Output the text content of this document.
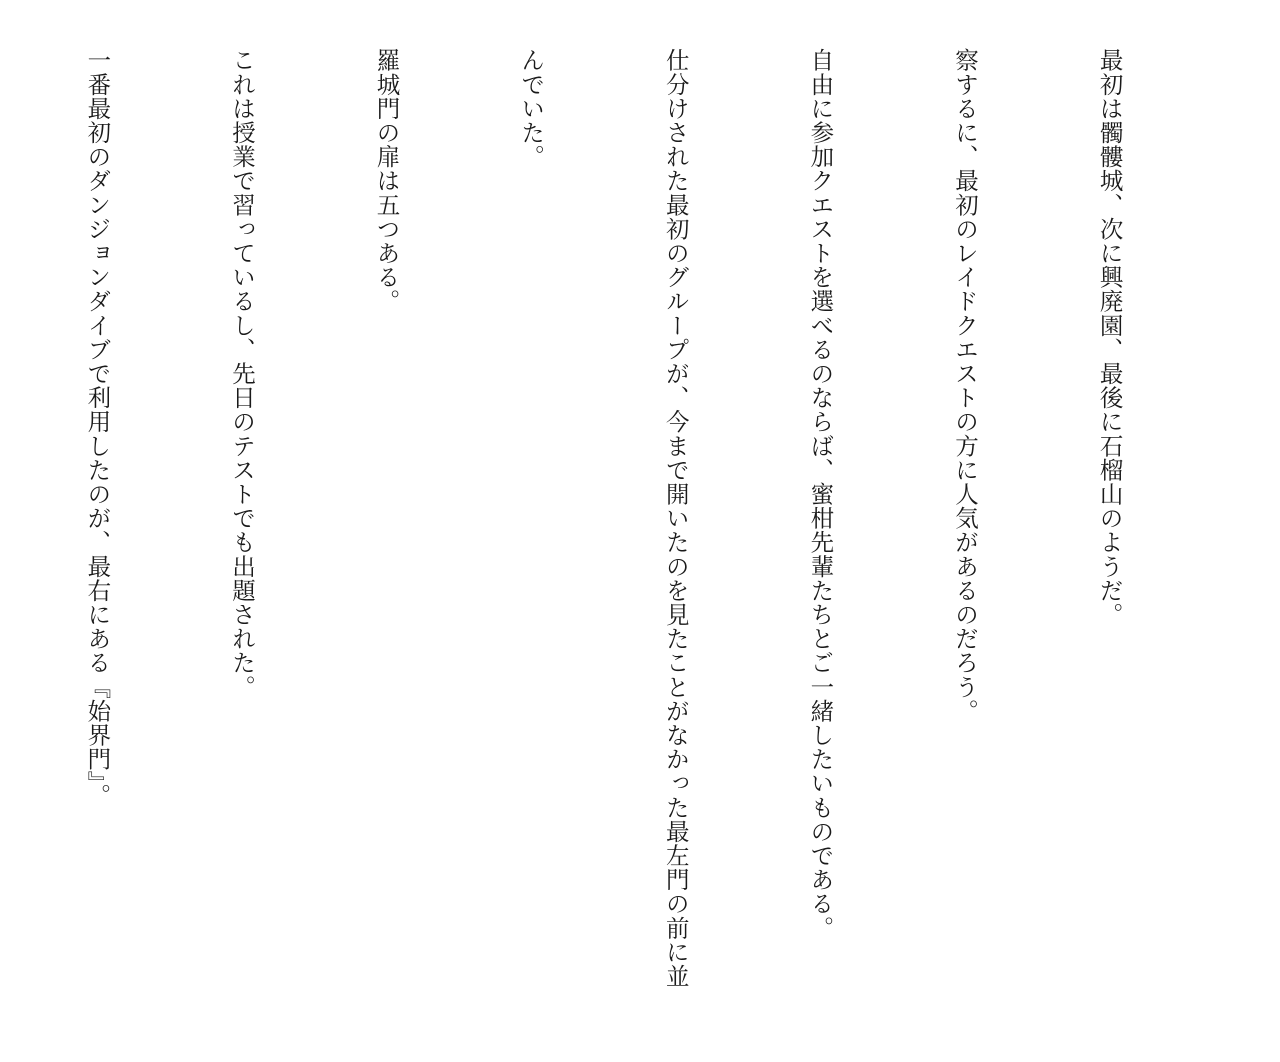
最初は髑髏城、次に興廃園、最後に石榴山のようだ。

察するに、最初のレイドクエストの方に人気があるのだろう。

自由に参加クエストを選べるのならば、蜜柑先輩たちとご一緒したいものである。

仕分けされた最初のグループが、今まで開いたのを見たことがなかった最左門の前に並

んでいた。

羅城門の扉は五つある。

これは授業で習っているし、先日のテストでも出題された。

一番最初のダンジョンダイブで利用したのが、最右にある『始界門』。
